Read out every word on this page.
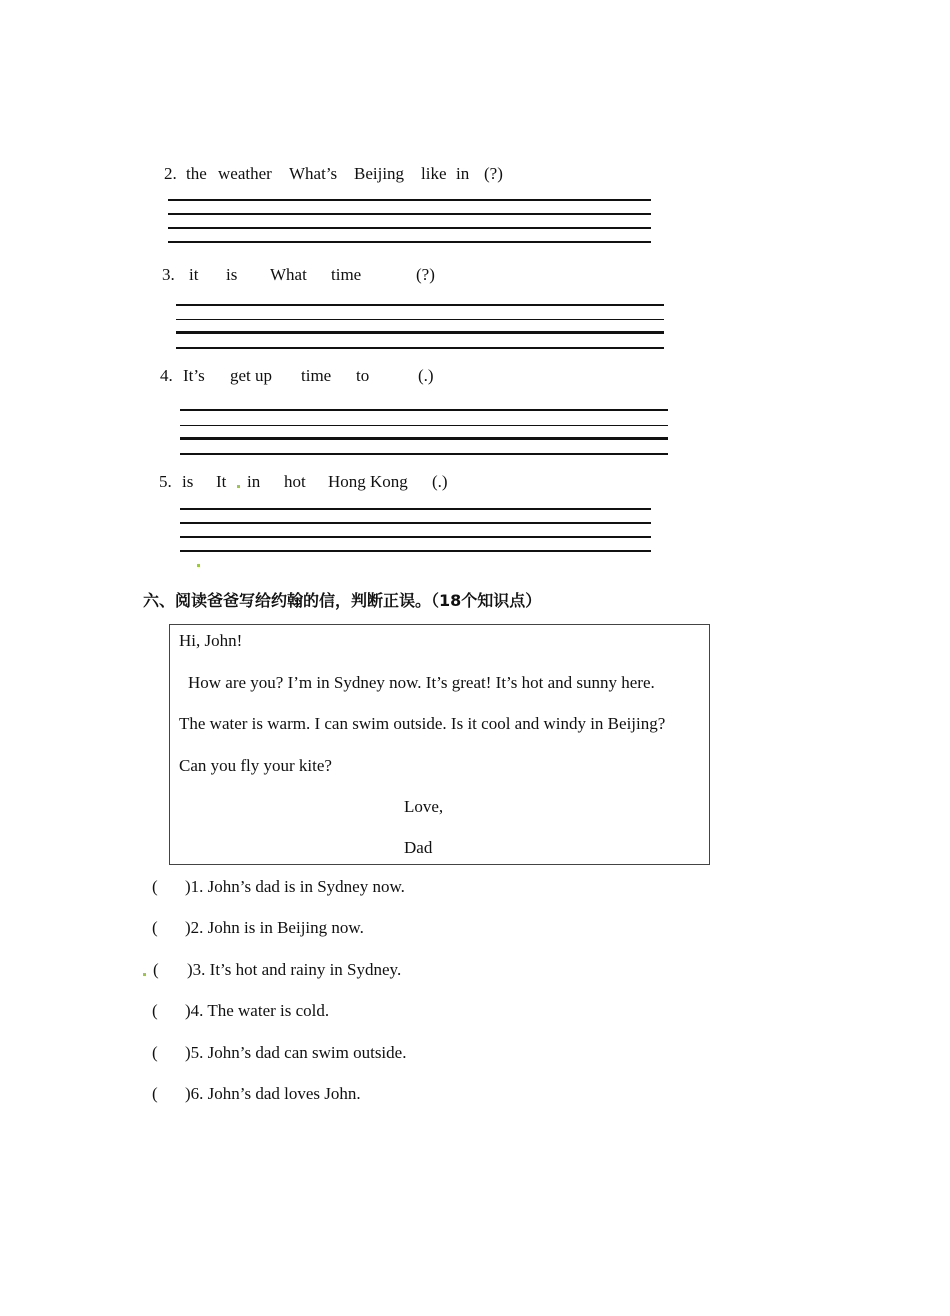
2. the weather What’s Beijing like in (?)
3. it is What time	(?)
4. It’s get up time to	(.)
5. is It in hot Hong Kong (.)
六、阅读爸爸写给约翰的信，判断正误。（18个知识点）
Hi, John!
How are you? I’m in Sydney now. It’s great! It’s hot and sunny here.
The water is warm. I can swim outside. Is it cool and windy in Beijing?
Can you fly your kite?
Love,
Dad
( )1. John’s dad is in Sydney now.
( )2. John is in Beijing now.
( )3. It’s hot and rainy in Sydney.
( )4. The water is cold.
( )5. John’s dad can swim outside.
( )6. John’s dad loves John.
